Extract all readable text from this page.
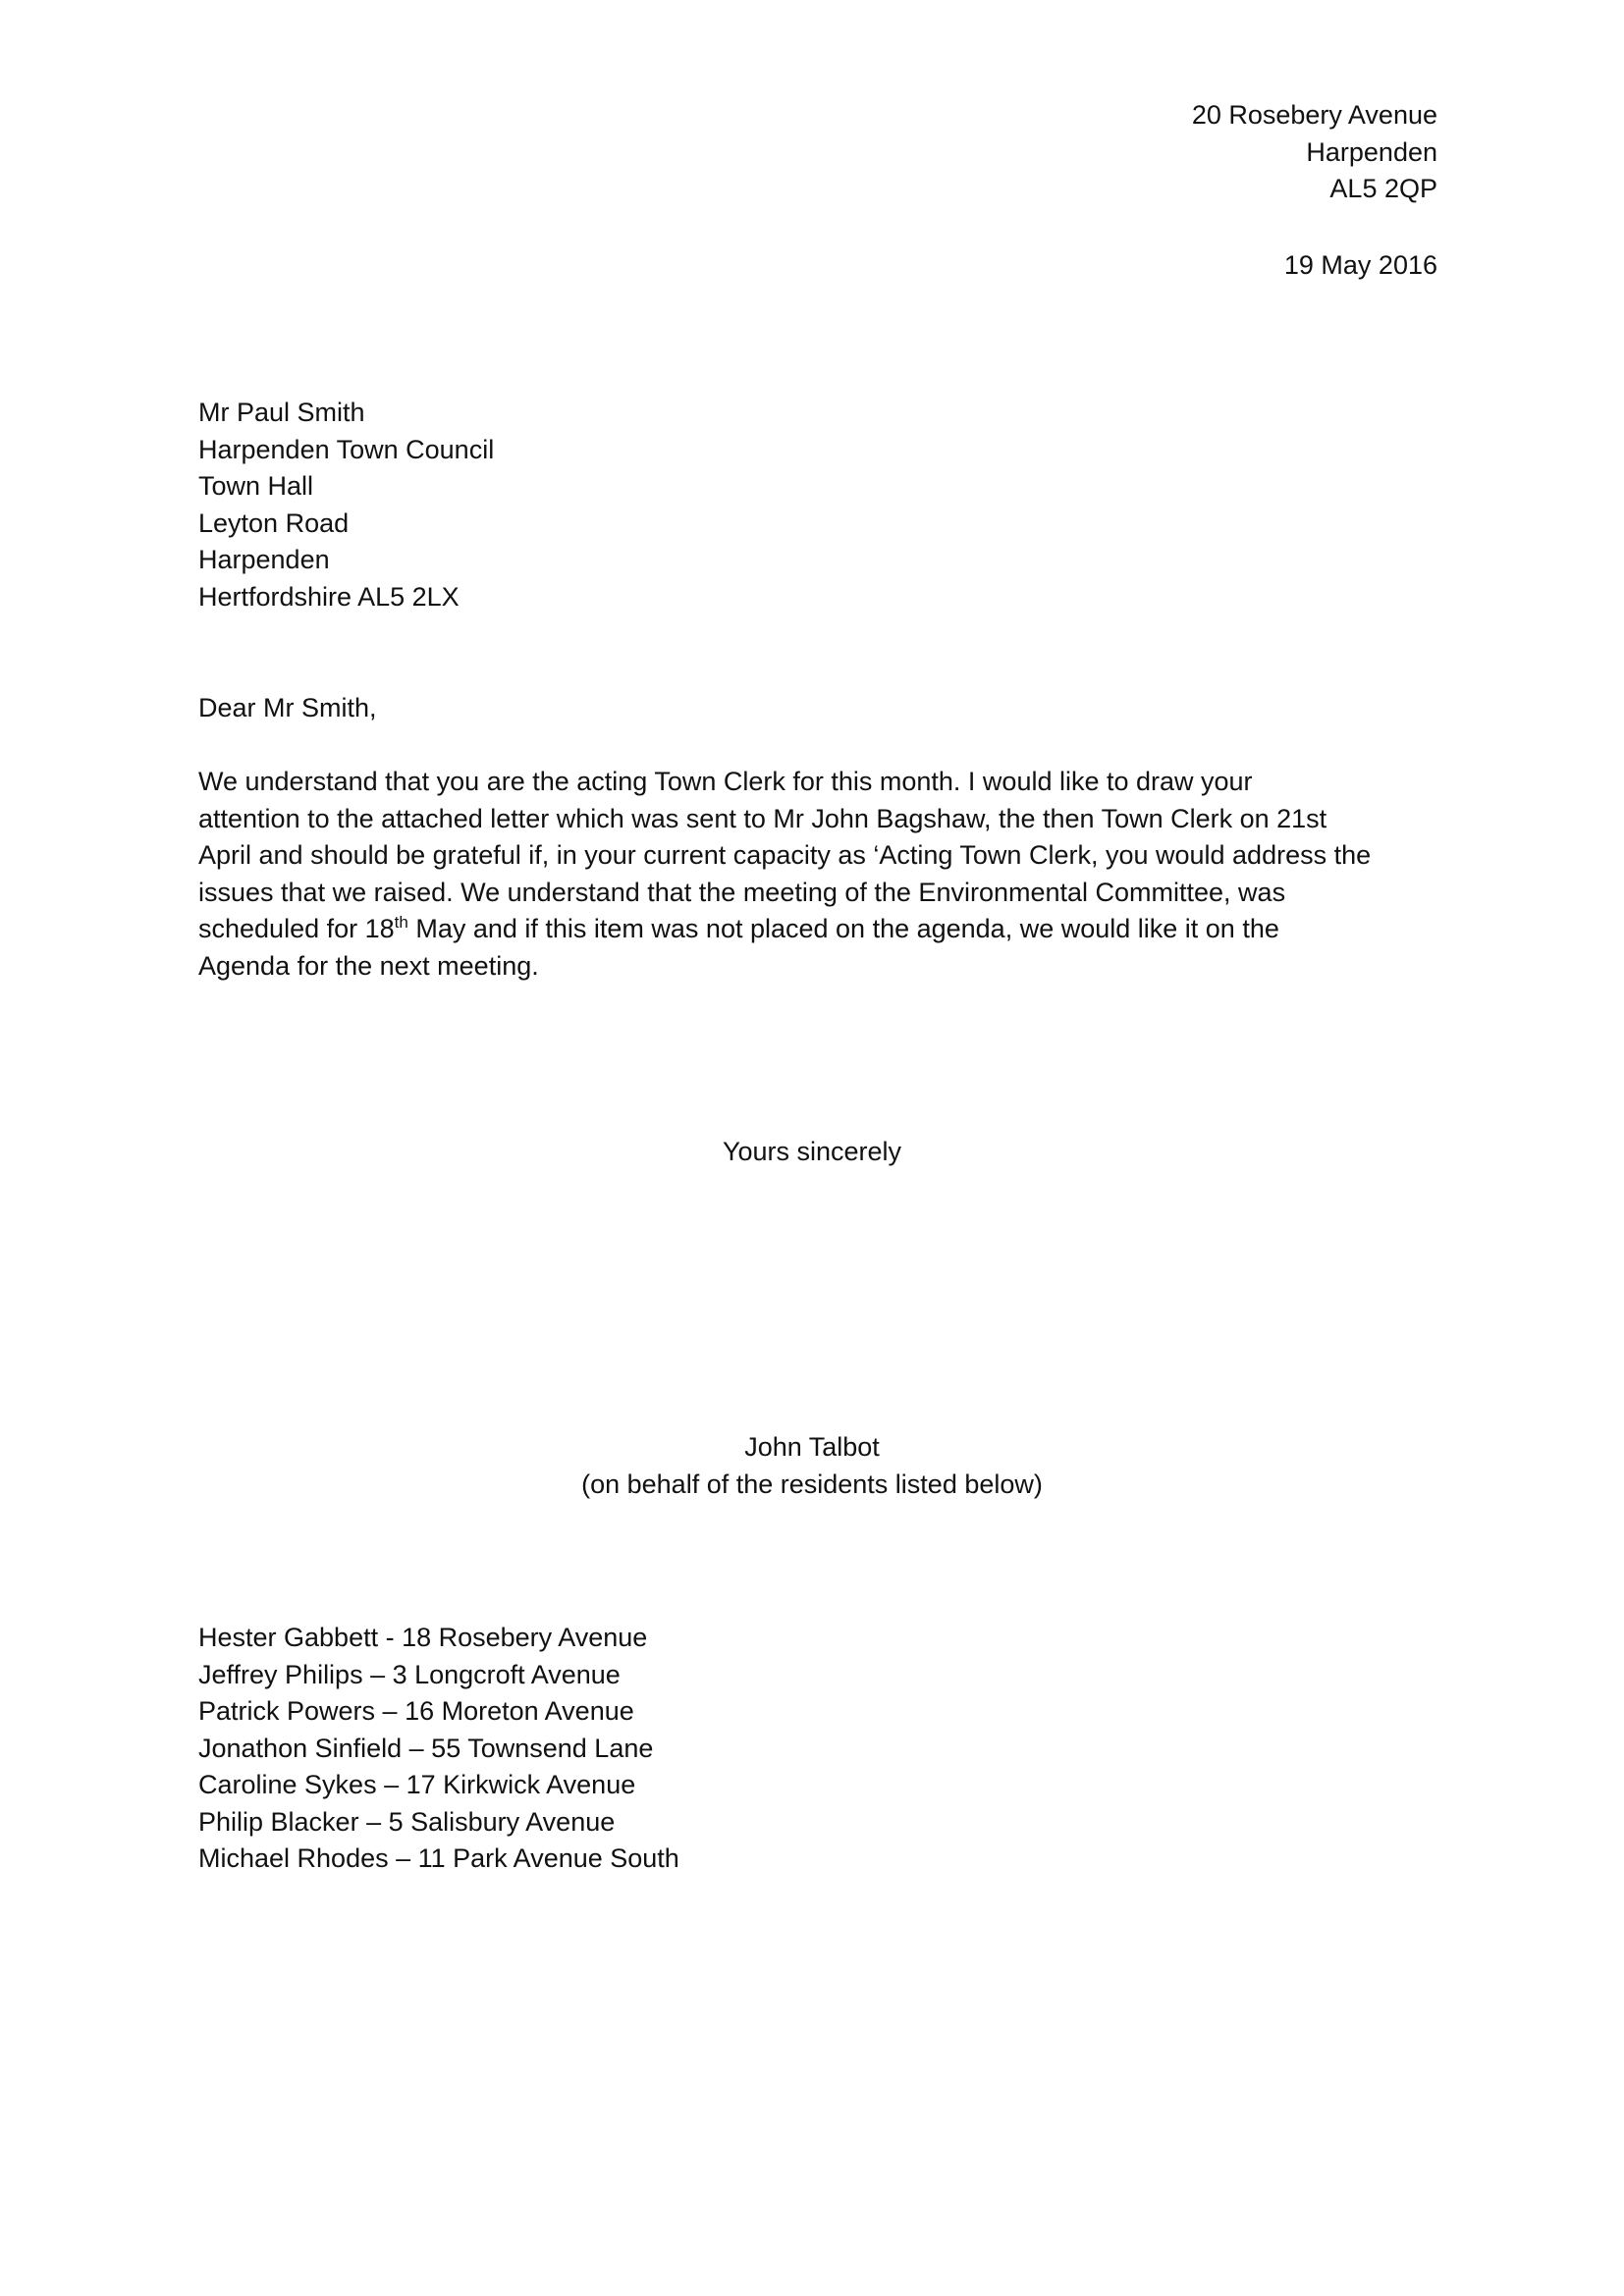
20 Rosebery Avenue
Harpenden
AL5 2QP
19 May 2016
Mr Paul Smith
Harpenden Town Council
Town Hall
Leyton Road
Harpenden
Hertfordshire AL5 2LX
Dear Mr Smith,
We understand that you are the acting Town Clerk for this month. I would like to draw your
attention to the attached letter which was sent to Mr John Bagshaw, the then Town Clerk on 21st
April and should be grateful if, in your current capacity as ‘Acting Town Clerk, you would address the
issues that we raised. We understand that the meeting of the Environmental Committee, was
scheduled for 18th May and if this item was not placed on the agenda, we would like it on the
Agenda for the next meeting.
Yours sincerely
John Talbot
(on behalf of the residents listed below)
Hester Gabbett - 18 Rosebery Avenue
Jeffrey Philips – 3 Longcroft Avenue
Patrick Powers – 16 Moreton Avenue
Jonathon Sinfield – 55 Townsend Lane
Caroline Sykes – 17 Kirkwick Avenue
Philip Blacker – 5 Salisbury Avenue
Michael Rhodes – 11 Park Avenue South
